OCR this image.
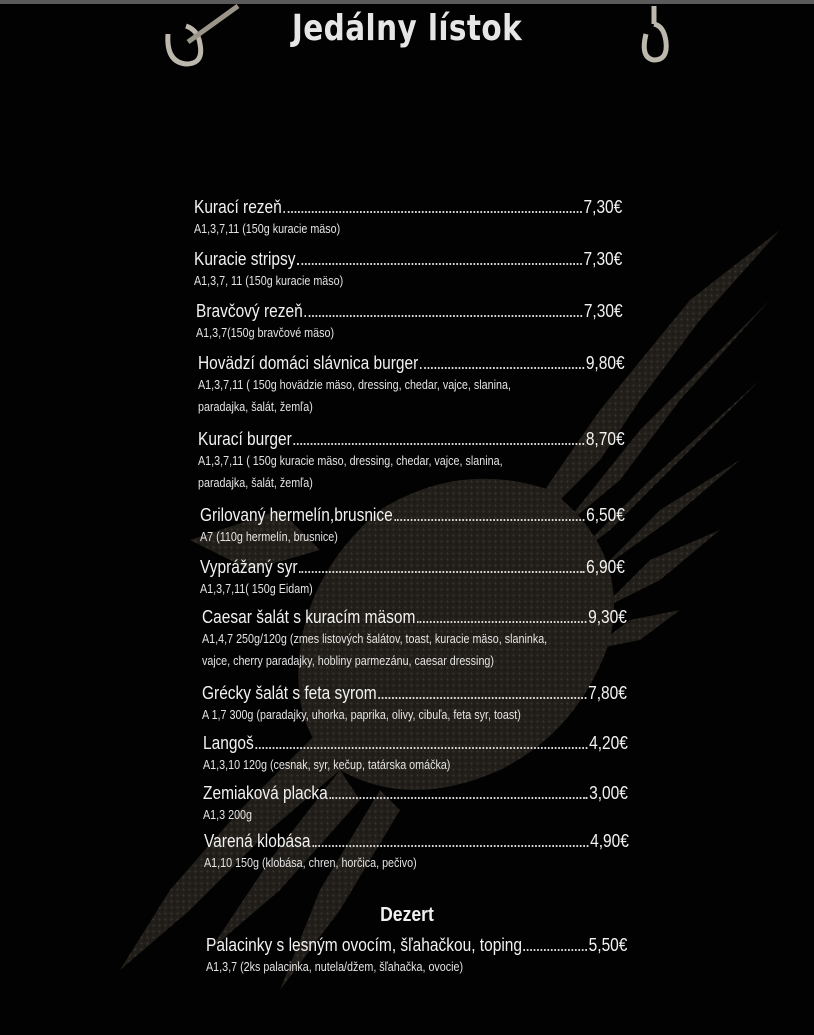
Jedálny lístok
Kurací rezeň	7,30€
A1,3,7,11 (150g kuracie mäso)
Kuracie stripsy	7,30€
A1,3,7, 11 (150g kuracie mäso)
Bravčový rezeň	7,30€
A1,3,7(150g bravčové mäso)
Hovädzí domáci slávnica burger	9,80€
A1,3,7,11 ( 150g hovädzie mäso, dressing, chedar, vajce, slanina,
paradajka, šalát, žemľa)
Kurací burger	8,70€
A1,3,7,11 ( 150g kuracie mäso, dressing, chedar, vajce, slanina,
paradajka, šalát, žemľa)
Grilovaný hermelín,brusnice	6,50€
A7 (110g hermelín, brusnice)
Vyprážaný syr	6,90€
A1,3,7,11( 150g Eidam)
Caesar šalát s kuracím mäsom	9,30€
A1,4,7 250g/120g (zmes listových šalátov, toast, kuracie mäso, slaninka,
vajce, cherry paradajky, hobliny parmezánu, caesar dressing)
Grécky šalát s feta syrom	7,80€
A 1,7 300g (paradajky, uhorka, paprika, olivy, cibuľa, feta syr, toast)
Langoš	4,20€
A1,3,10 120g (cesnak, syr, kečup, tatárska omáčka)
Zemiaková placka	3,00€
A1,3 200g
Varená klobása	4,90€
A1,10 150g (klobása, chren, horčica, pečivo)
Dezert
Palacinky s lesným ovocím, šľahačkou, toping	5,50€
A1,3,7 (2ks palacinka, nutela/džem, šľahačka, ovocie)
